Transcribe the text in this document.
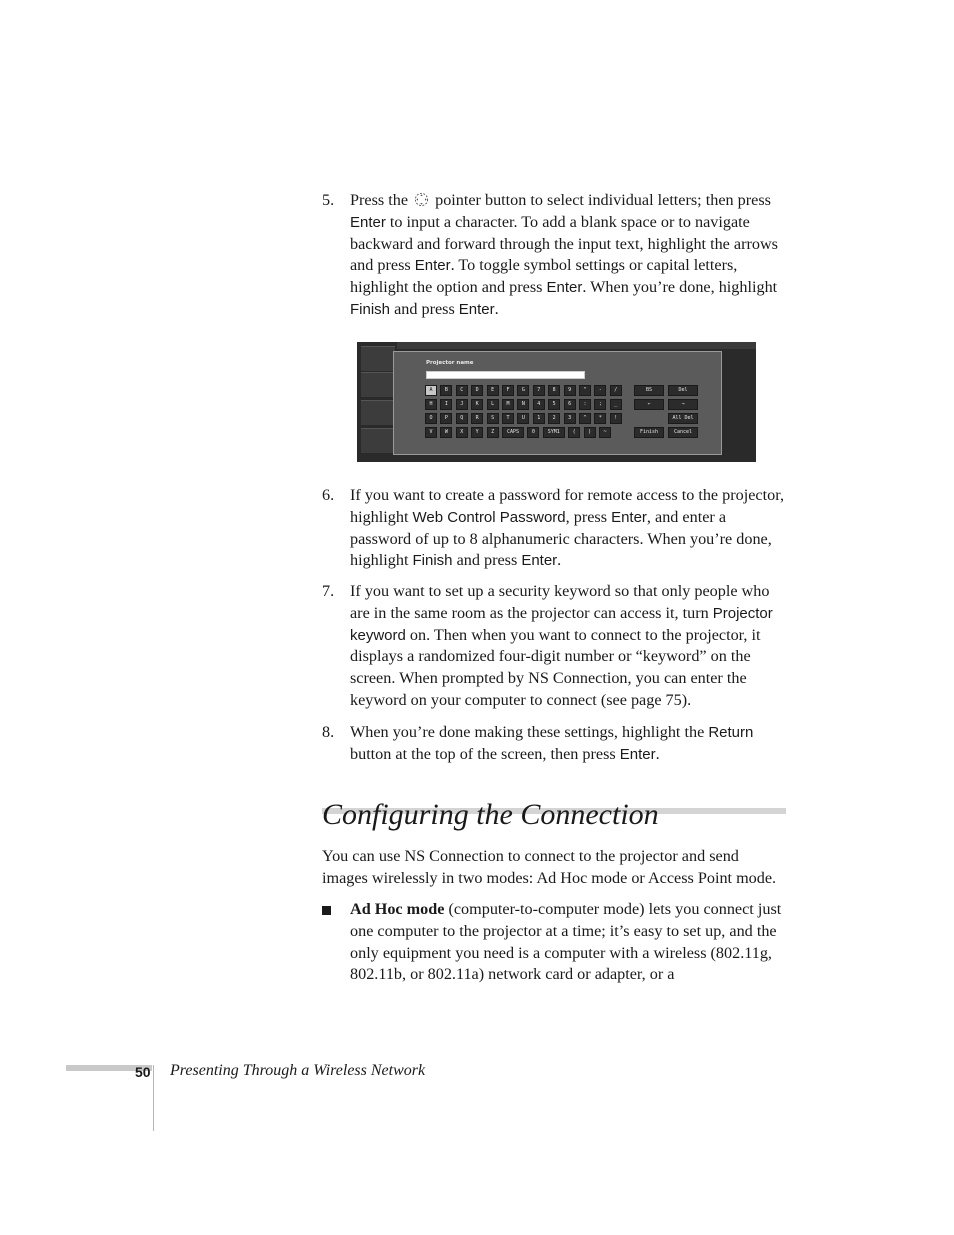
5. Press the  pointer button to select individual letters; then press Enter to input a character. To add a blank space or to navigate backward and forward through the input text, highlight the arrows and press Enter. To toggle symbol settings or capital letters, highlight the option and press Enter. When you’re done, highlight Finish and press Enter.
Projector name
A	B	C	D	E	F	G	7	8	9	"	-	/
H	I	J	K	L	M	N	4	5	6	:	;	_
O	P	Q	R	S	T	U	1	2	3	^	*	!
V	W	X	Y	Z	CAPS	0	SYM1	(	)	~
BS	Del
←	→
All Del
Finish	Cancel
6. If you want to create a password for remote access to the projector, highlight Web Control Password, press Enter, and enter a password of up to 8 alphanumeric characters. When you’re done, highlight Finish and press Enter.
7. If you want to set up a security keyword so that only people who are in the same room as the projector can access it, turn Projector keyword on. Then when you want to connect to the projector, it displays a randomized four-digit number or “keyword” on the screen. When prompted by NS Connection, you can enter the keyword on your computer to connect (see page 75).
8. When you’re done making these settings, highlight the Return button at the top of the screen, then press Enter.
Configuring the Connection
You can use NS Connection to connect to the projector and send images wirelessly in two modes: Ad Hoc mode or Access Point mode.
Ad Hoc mode (computer-to-computer mode) lets you connect just one computer to the projector at a time; it’s easy to set up, and the only equipment you need is a computer with a wireless (802.11g, 802.11b, or 802.11a) network card or adapter, or a
50 Presenting Through a Wireless Network
